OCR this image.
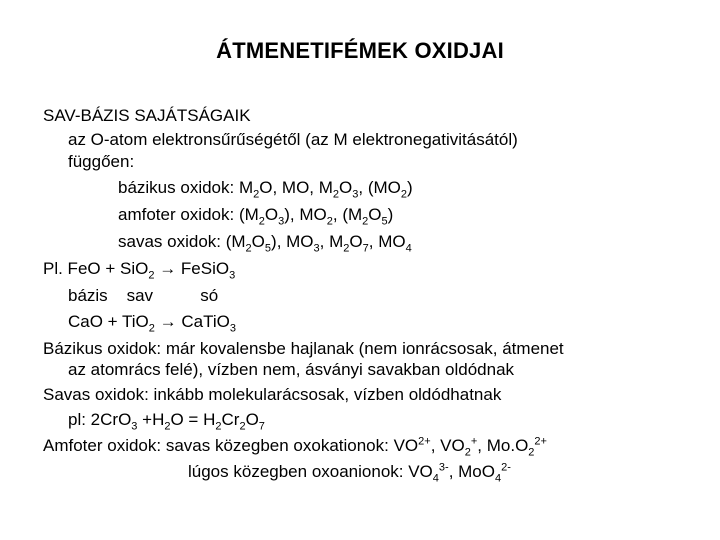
ÁTMENETIFÉMEK OXIDJAI
SAV-BÁZIS SAJÁTSÁGAIK
az O-atom elektronsűrűségétől (az M elektronegativitásától)
függően:
bázikus oxidok: $M_2O$, MO, $M_2O_3$, $(MO_2)$
amfoter oxidok: $(M_2O_3)$, $MO_2$, $(M_2O_5)$
savas oxidok: $(M_2O_5)$, $MO_3$, $M_2O_7$, $MO_4$
Pl. FeO + SiO$_2$ → FeSiO$_3$
bázis    sav          só
CaO + TiO$_2$ → CaTiO$_3$
Bázikus oxidok: már kovalensbe hajlanak (nem ionrácsosak, átmenet
az atomrács felé), vízben nem, ásványi savakban oldódnak
Savas oxidok: inkább molekularácsosak, vízben oldódhatnak
pl: $2CrO_3 +H_2O = H_2Cr_2O_7$
Amfoter oxidok: savas közegben oxokationok: $VO^{2+}$, $VO_2^+$, $Mo.O_2^{2+}$
lúgos közegben oxoanionok: $VO_4^{3-}$, MoO$_4^{2-}$
